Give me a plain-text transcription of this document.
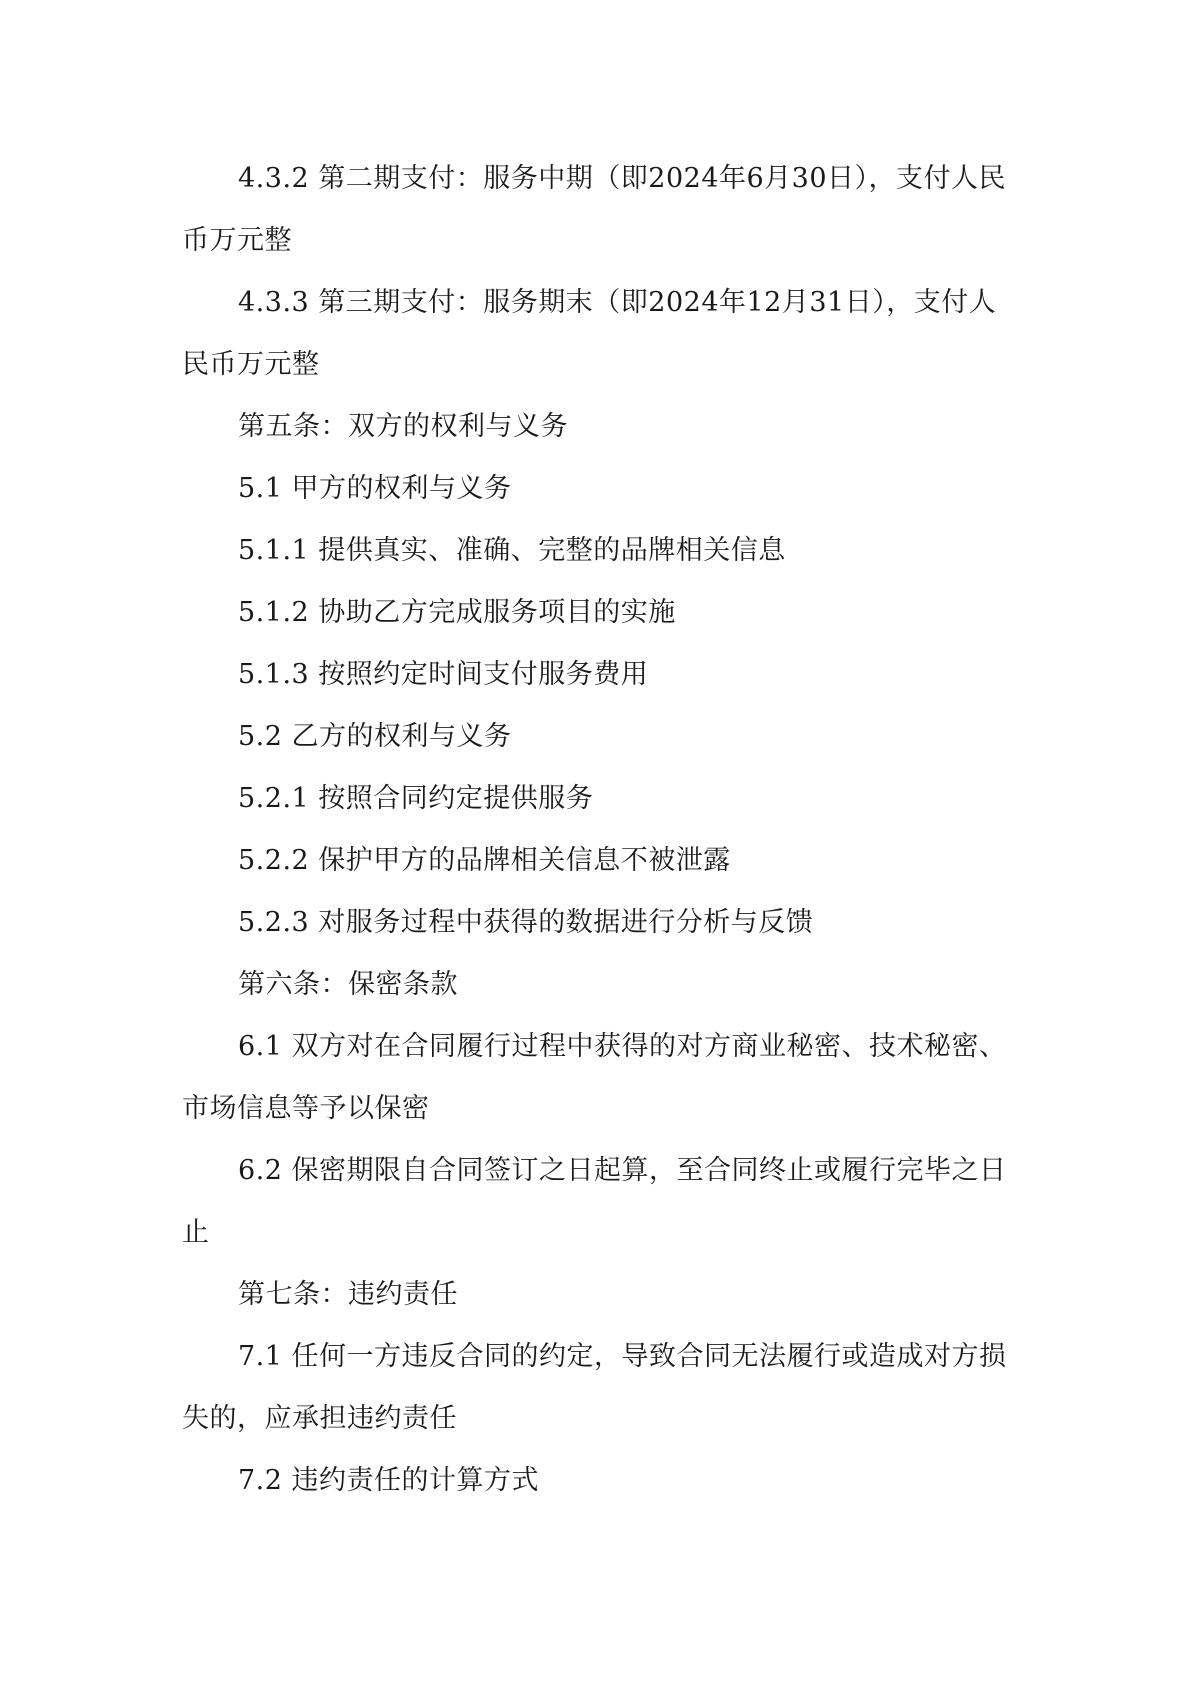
4.3.2 第二期支付：服务中期（即2024年6月30日），支付人民币万元整

4.3.3 第三期支付：服务期末（即2024年12月31日），支付人民币万元整

第五条：双方的权利与义务

5.1 甲方的权利与义务

5.1.1 提供真实、准确、完整的品牌相关信息

5.1.2 协助乙方完成服务项目的实施

5.1.3 按照约定时间支付服务费用

5.2 乙方的权利与义务

5.2.1 按照合同约定提供服务

5.2.2 保护甲方的品牌相关信息不被泄露

5.2.3 对服务过程中获得的数据进行分析与反馈

第六条：保密条款

6.1 双方对在合同履行过程中获得的对方商业秘密、技术秘密、市场信息等予以保密

6.2 保密期限自合同签订之日起算，至合同终止或履行完毕之日止

第七条：违约责任

7.1 任何一方违反合同的约定，导致合同无法履行或造成对方损失的，应承担违约责任

7.2 违约责任的计算方式
